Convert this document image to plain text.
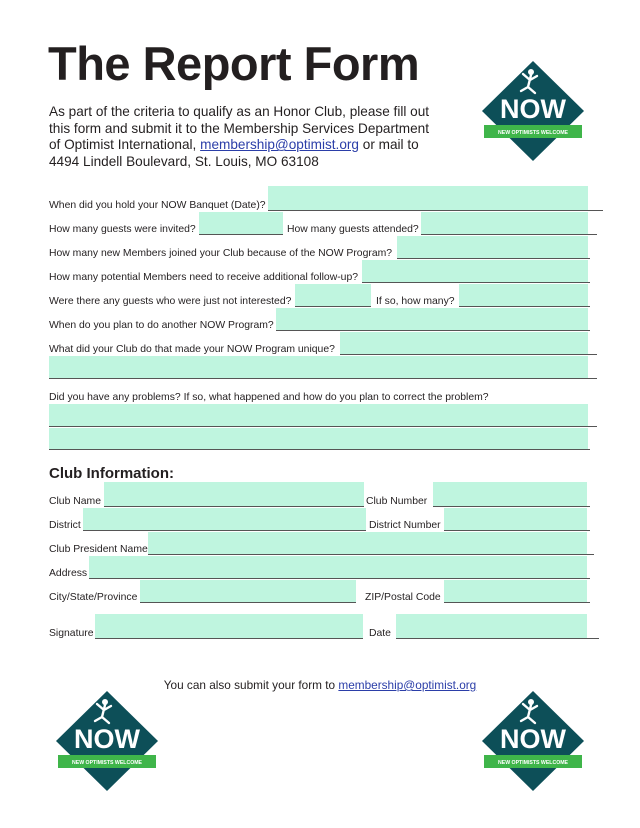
The Report Form
As part of the criteria to qualify as an Honor Club, please fill out
this form and submit it to the Membership Services Department
of Optimist International, membership@optimist.org or mail to
4494 Lindell Boulevard, St. Louis, MO 63108
NOW
NEW OPTIMISTS WELCOME
NOW
NEW OPTIMISTS WELCOME
NOW
NEW OPTIMISTS WELCOME
When did you hold your NOW Banquet (Date)?
How many guests were invited?	How many guests attended?
How many new Members joined your Club because of the NOW Program?
How many potential Members need to receive additional follow-up?
Were there any guests who were just not interested?	If so, how many?
When do you plan to do another NOW Program?
What did your Club do that made your NOW Program unique?
Did you have any problems? If so, what happened and how do you plan to correct the problem?
Club Information:
Club Name	Club Number
District	District Number
Club President Name
Address
City/State/Province	ZIP/Postal Code
Signature	Date
You can also submit your form to membership@optimist.org
